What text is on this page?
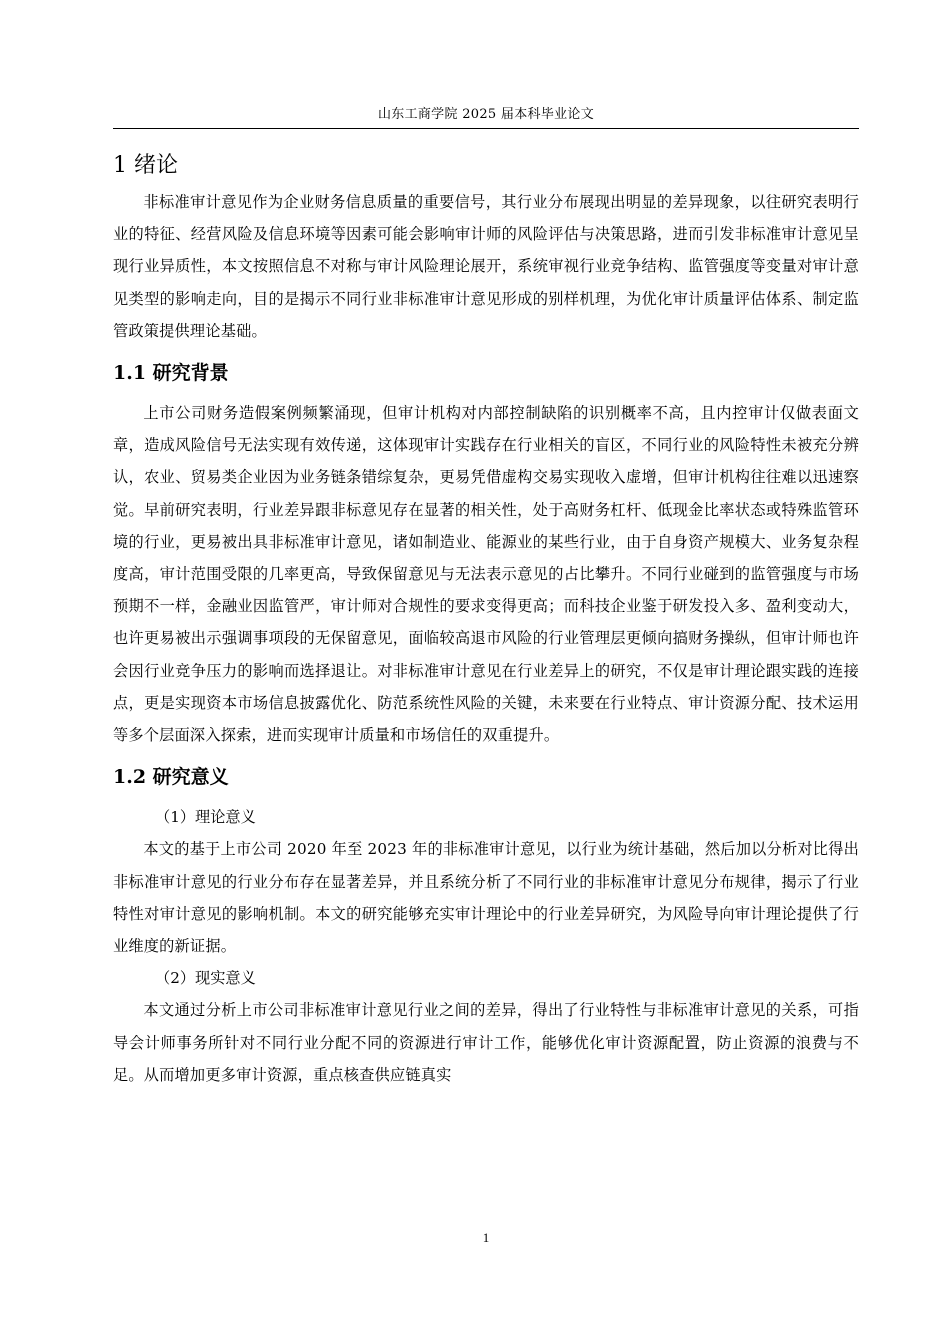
山东工商学院 2025 届本科毕业论文
1 绪论

非标准审计意见作为企业财务信息质量的重要信号，其行业分布展现出明显的差异现象，以往研究表明行业的特征、经营风险及信息环境等因素可能会影响审计师的风险评估与决策思路，进而引发非标准审计意见呈现行业异质性，本文按照信息不对称与审计风险理论展开，系统审视行业竞争结构、监管强度等变量对审计意见类型的影响走向，目的是揭示不同行业非标准审计意见形成的别样机理，为优化审计质量评估体系、制定监管政策提供理论基础。

1.1 研究背景

上市公司财务造假案例频繁涌现，但审计机构对内部控制缺陷的识别概率不高，且内控审计仅做表面文章，造成风险信号无法实现有效传递，这体现审计实践存在行业相关的盲区，不同行业的风险特性未被充分辨认，农业、贸易类企业因为业务链条错综复杂，更易凭借虚构交易实现收入虚增，但审计机构往往难以迅速察觉。早前研究表明，行业差异跟非标意见存在显著的相关性，处于高财务杠杆、低现金比率状态或特殊监管环境的行业，更易被出具非标准审计意见，诸如制造业、能源业的某些行业，由于自身资产规模大、业务复杂程度高，审计范围受限的几率更高，导致保留意见与无法表示意见的占比攀升。不同行业碰到的监管强度与市场预期不一样，金融业因监管严，审计师对合规性的要求变得更高；而科技企业鉴于研发投入多、盈利变动大，也许更易被出示强调事项段的无保留意见，面临较高退市风险的行业管理层更倾向搞财务操纵，但审计师也许会因行业竞争压力的影响而选择退让。对非标准审计意见在行业差异上的研究，不仅是审计理论跟实践的连接点，更是实现资本市场信息披露优化、防范系统性风险的关键，未来要在行业特点、审计资源分配、技术运用等多个层面深入探索，进而实现审计质量和市场信任的双重提升。

1.2 研究意义

（1）理论意义

本文的基于上市公司 2020 年至 2023 年的非标准审计意见，以行业为统计基础，然后加以分析对比得出非标准审计意见的行业分布存在显著差异，并且系统分析了不同行业的非标准审计意见分布规律，揭示了行业特性对审计意见的影响机制。本文的研究能够充实审计理论中的行业差异研究，为风险导向审计理论提供了行业维度的新证据。

（2）现实意义

本文通过分析上市公司非标准审计意见行业之间的差异，得出了行业特性与非标准审计意见的关系，可指导会计师事务所针对不同行业分配不同的资源进行审计工作，能够优化审计资源配置，防止资源的浪费与不足。从而增加更多审计资源，重点核查供应链真实

1
